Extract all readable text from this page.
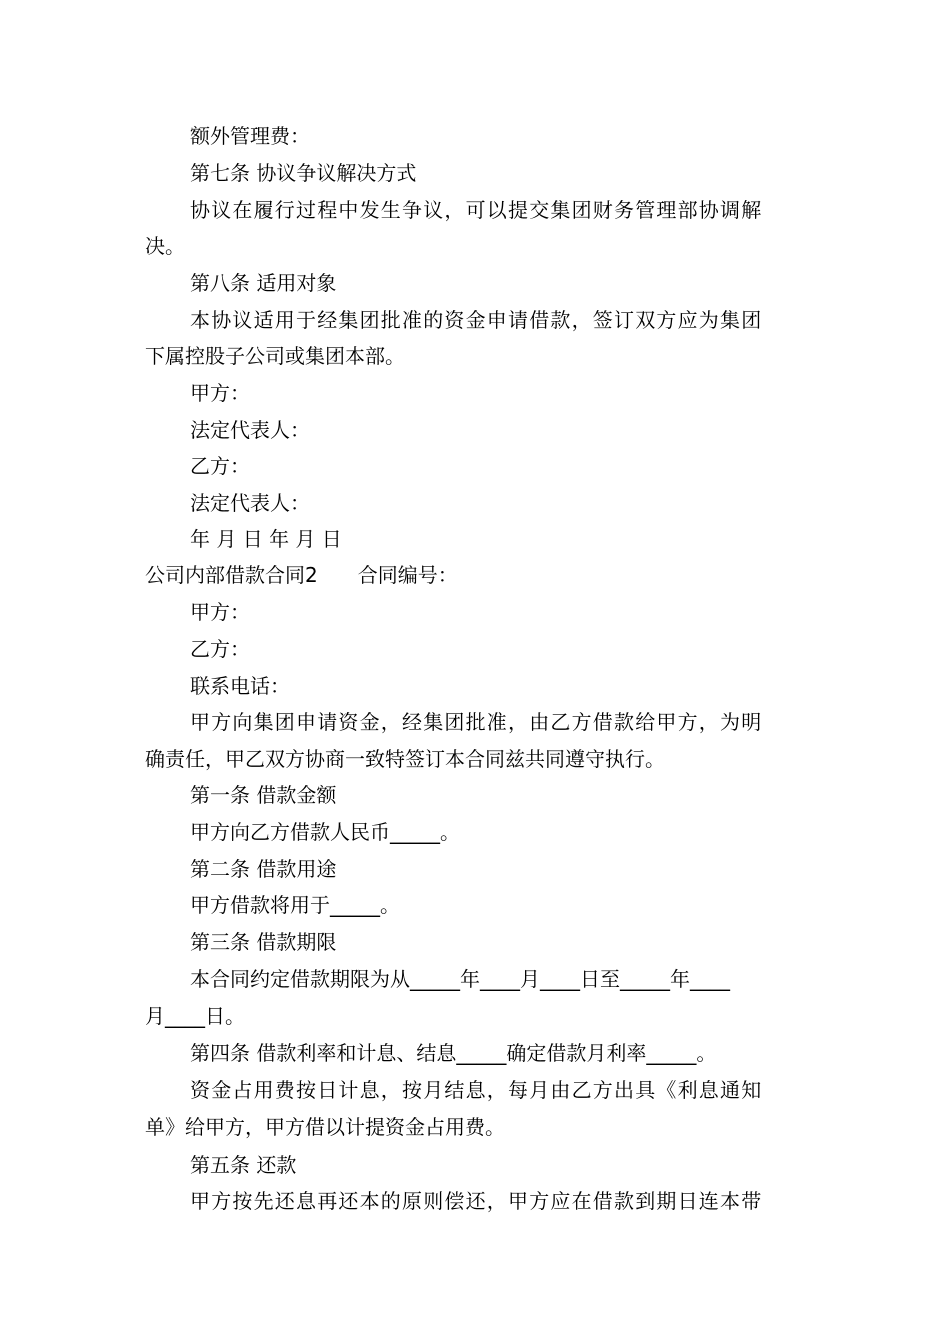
额外管理费：
第七条 协议争议解决方式
协议在履行过程中发生争议，可以提交集团财务管理部协调解
决。
第八条 适用对象
本协议适用于经集团批准的资金申请借款，签订双方应为集团
下属控股子公司或集团本部。
甲方：
法定代表人：
乙方：
法定代表人：
年 月 日 年 月 日
公司内部借款合同2　　合同编号：
甲方：
乙方：
联系电话：
甲方向集团申请资金，经集团批准，由乙方借款给甲方，为明
确责任，甲乙双方协商一致特签订本合同兹共同遵守执行。
第一条 借款金额
甲方向乙方借款人民币_____。
第二条 借款用途
甲方借款将用于_____。
第三条 借款期限
本合同约定借款期限为从_____年____月____日至_____年____
月____日。
第四条 借款利率和计息、结息_____确定借款月利率_____。
资金占用费按日计息，按月结息，每月由乙方出具《利息通知
单》给甲方，甲方借以计提资金占用费。
第五条 还款
甲方按先还息再还本的原则偿还，甲方应在借款到期日连本带
